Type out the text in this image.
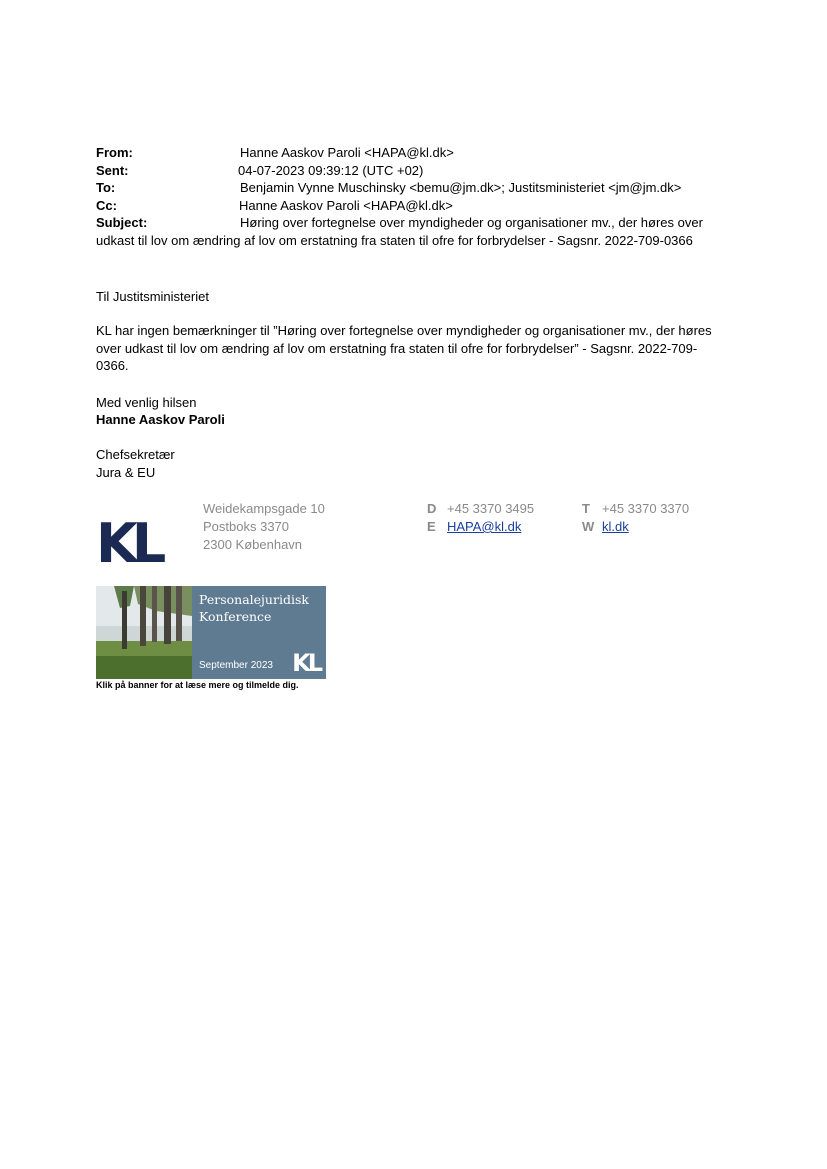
From:	Hanne Aaskov Paroli <HAPA@kl.dk>
Sent:	04-07-2023 09:39:12 (UTC +02)
To:	Benjamin Vynne Muschinsky <bemu@jm.dk>; Justitsministeriet <jm@jm.dk>
Cc:	Hanne Aaskov Paroli <HAPA@kl.dk>
Subject:	Høring over fortegnelse over myndigheder og organisationer mv., der høres over
udkast til lov om ændring af lov om erstatning fra staten til ofre for forbrydelser - Sagsnr. 2022-709-0366
Til Justitsministeriet
KL har ingen bemærkninger til ”Høring over fortegnelse over myndigheder og organisationer mv., der høres
over udkast til lov om ændring af lov om erstatning fra staten til ofre for forbrydelser” - Sagsnr. 2022-709-
0366.
Med venlig hilsen
Hanne Aaskov Paroli
Chefsekretær
Jura & EU
KL
Weidekampsgade 10
Postboks 3370
2300 København
D +45 3370 3495
E HAPA@kl.dk
T +45 3370 3370
W kl.dk
Personalejuridisk
Konference
September 2023 KL
Klik på banner for at læse mere og tilmelde dig.
